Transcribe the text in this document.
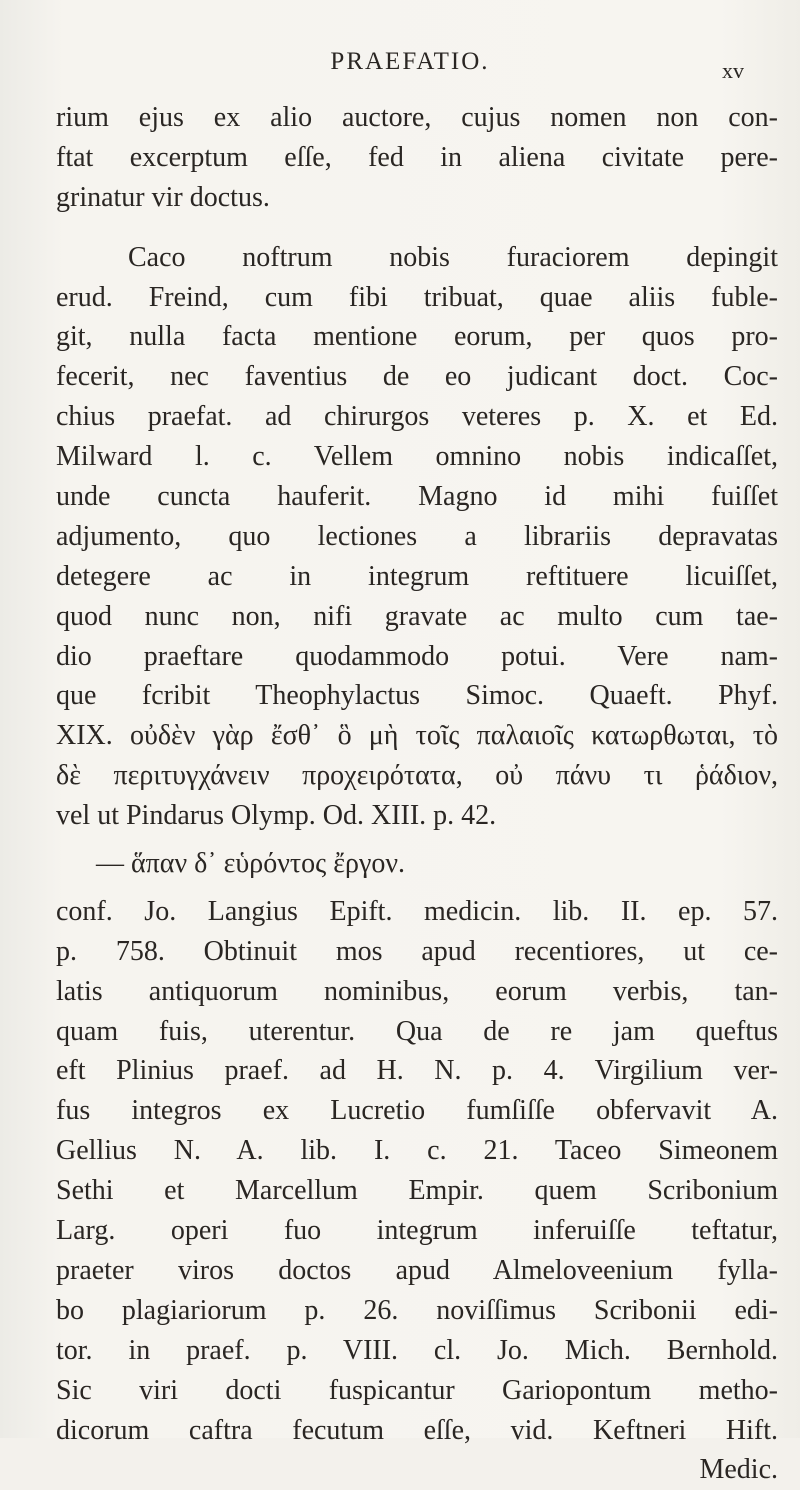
PRAEFATIO.	xv
rium ejus ex alio auctore, cujus nomen non con-
ftat excerptum eſſe, fed in aliena civitate pere-
grinatur vir doctus.
Caco noftrum nobis furaciorem depingit
erud. Freind, cum fibi tribuat, quae aliis fuble-
git, nulla facta mentione eorum, per quos pro-
fecerit, nec faventius de eo judicant doct. Coc-
chius praefat. ad chirurgos veteres p. X. et Ed.
Milward l. c. Vellem omnino nobis indicaſſet,
unde cuncta hauferit. Magno id mihi fuiſſet
adjumento, quo lectiones a librariis depravatas
detegere ac in integrum reftituere licuiſſet,
quod nunc non, nifi gravate ac multo cum tae-
dio praeftare quodammodo potui. Vere nam-
que fcribit Theophylactus Simoc. Quaeft. Phyf.
XIX. οὐδὲν γὰρ ἔσθ᾽ ὃ μὴ τοῖς παλαιοῖς κατωρθωται, τὸ
δὲ περιτυγχάνειν προχειρότατα, οὐ πάνυ τι ῥάδιον,
vel ut Pindarus Olymp. Od. XIII. p. 42.
— ἅπαν δ᾽ εὑρόντος ἔργον.
conf. Jo. Langius Epift. medicin. lib. II. ep. 57.
p. 758. Obtinuit mos apud recentiores, ut ce-
latis antiquorum nominibus, eorum verbis, tan-
quam fuis, uterentur. Qua de re jam queftus
eft Plinius praef. ad H. N. p. 4. Virgilium ver-
fus integros ex Lucretio fumſiſſe obfervavit A.
Gellius N. A. lib. I. c. 21. Taceo Simeonem
Sethi et Marcellum Empir. quem Scribonium
Larg. operi fuo integrum inferuiſſe teftatur,
praeter viros doctos apud Almeloveenium fylla-
bo plagiariorum p. 26. noviſſimus Scribonii edi-
tor. in praef. p. VIII. cl. Jo. Mich. Bernhold.
Sic viri docti fuspicantur Gariopontum metho-
dicorum caftra fecutum eſſe, vid. Keftneri Hift.
Medic.
